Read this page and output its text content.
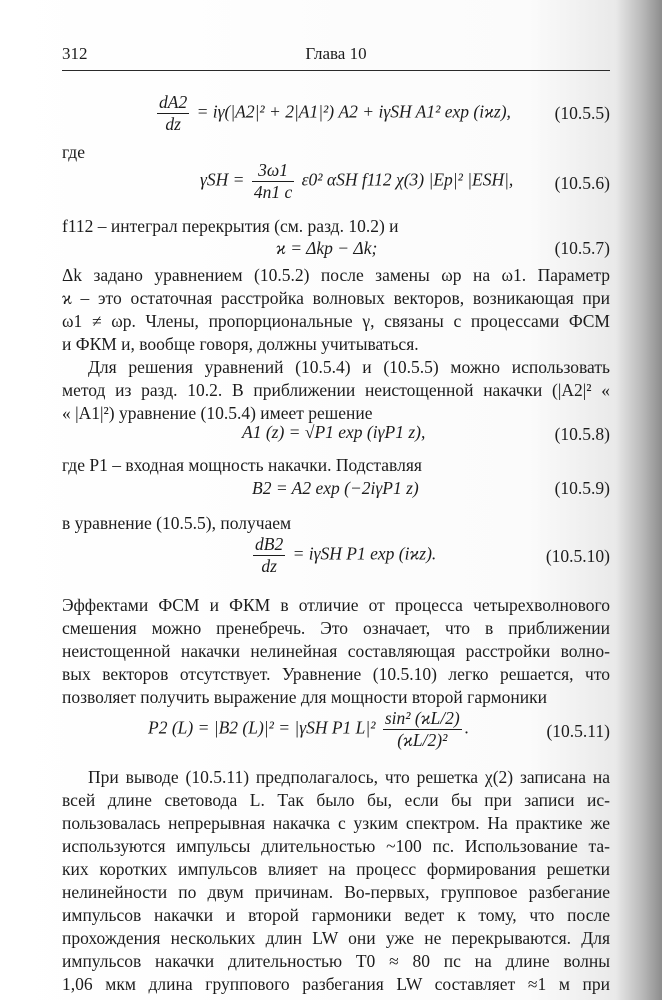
312	Глава 10
$\frac{dA2}{dz} = i\gamma(|A2|^2 + 2|A1|^2) A2 + i\gamma SH$ A1² exp (iϰz), (10.5.5)
где
$\gamma SH = \frac{3\omega 1}{4n1 c} \varepsilon 0^2$ αSH f112 χ(3) |Ep|² |ESH|, (10.5.6)
f112 – интеграл перекрытия (см. разд. 10.2) и
ϰ = Δkp − Δk;	(10.5.7)
Δk задано уравнением (10.5.2) после замены ωp на ω1. Параметр
ϰ – это остаточная расстройка волновых векторов, возникающая при
ω1 ≠ ωp. Члены, пропорциональные γ, связаны с процессами ФСМ
и ФКМ и, вообще говоря, должны учитываться.
Для решения уравнений (10.5.4) и (10.5.5) можно использовать
метод из разд. 10.2. В приближении неистощенной накачки (|A2|² «
« |A1|²) уравнение (10.5.4) имеет решение
A1 (z) = √P1 exp (iγP1 z),	(10.5.8)
где P1 – входная мощность накачки. Подставляя
B2 = A2 exp (−2iγP1 z)	(10.5.9)
в уравнение (10.5.5), получаем
$\frac{dB2}{dz} = i\gamma SH$ P1 exp (iϰz).	(10.5.10)
Эффектами ФСМ и ФКМ в отличие от процесса четырехволнового
смешения можно пренебречь. Это означает, что в приближении
неистощенной накачки нелинейная составляющая расстройки волно-
вых векторов отсутствует. Уравнение (10.5.10) легко решается, что
позволяет получить выражение для мощности второй гармоники
P2 (L) = |B2 (L)|² = |γSH P1 $L|^2 \frac{\text{sin² (ϰL/2)}}{\text{(ϰL/2)²}}$ .	(10.5.11)
При выводе (10.5.11) предполагалось, что решетка χ(2) записана на
всей длине световода L. Так было бы, если бы при записи ис-
пользовалась непрерывная накачка с узким спектром. На практике же
используются импульсы длительностью ~100 пс. Использование та-
ких коротких импульсов влияет на процесс формирования решетки
нелинейности по двум причинам. Во-первых, групповое разбегание
импульсов накачки и второй гармоники ведет к тому, что после
прохождения нескольких длин LW они уже не перекрываются. Для
импульсов накачки длительностью T0 ≈ 80 пс на длине волны
1,06 мкм длина группового разбегания LW составляет ≈1 м при
